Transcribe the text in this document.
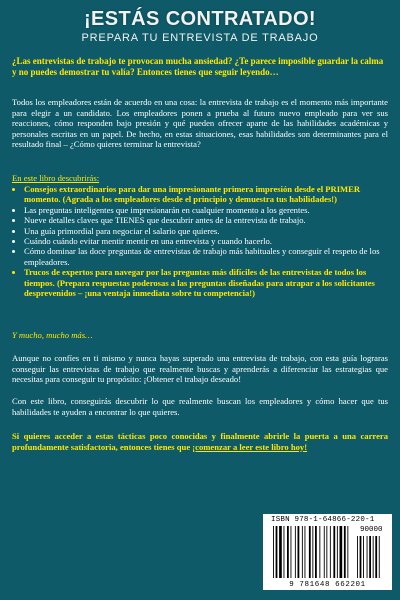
¡ESTÁS CONTRATADO!
PREPARA TU ENTREVISTA DE TRABAJO
¿Las entrevistas de trabajo te provocan mucha ansiedad? ¿Te parece imposible guardar la calma y no puedes demostrar tu valía? Entonces tienes que seguir leyendo…
Todos los empleadores están de acuerdo en una cosa: la entrevista de trabajo es el momento más importante para elegir a un candidato. Los empleadores ponen a prueba al futuro nuevo empleado para ver sus reacciones, cómo responden bajo presión y qué pueden ofrecer aparte de las habilidades académicas y personales escritas en un papel. De hecho, en estas situaciones, esas habilidades son determinantes para el resultado final – ¿Cómo quieres terminar la entrevista?
En este libro descubrirás:
• Consejos extraordinarios para dar una impresionante primera impresión desde el PRIMER momento. (Agrada a los empleadores desde el principio y demuestra tus habilidades!)
• Las preguntas inteligentes que impresionarán en cualquier momento a los gerentes.
• Nueve detalles claves que TIENES que descubrir antes de la entrevista de trabajo.
• Una guía primordial para negociar el salario que quieres.
• Cuándo cuándo evitar mentir mentir en una entrevista y cuando hacerlo.
• Cómo dominar las doce preguntas de entrevistas de trabajo más habituales y conseguir el respeto de los empleadores.
• Trucos de expertos para navegar por las preguntas más difíciles de las entrevistas de todos los tiempos. (Prepara respuestas poderosas a las preguntas diseñadas para atrapar a los solicitantes desprevenidos – ¡una ventaja inmediata sobre tu competencia!)
Y mucho, mucho más…
Aunque no confíes en ti mismo y nunca hayas superado una entrevista de trabajo, con esta guía lograras conseguir las entrevistas de trabajo que realmente buscas y aprenderás a diferenciar las estrategias que necesitas para conseguir tu propósito: ¡Obtener el trabajo deseado!
Con este libro, conseguirás descubrir lo que realmente buscan los empleadores y cómo hacer que tus habilidades te ayuden a encontrar lo que quieres.
Si quieres acceder a estas tácticas poco conocidas y finalmente abrirle la puerta a una carrera profundamente satisfactoria, entonces tienes que ¡comenzar a leer este libro hoy!
ISBN 978-1-64866-220-1
90000
9 781648 662201
